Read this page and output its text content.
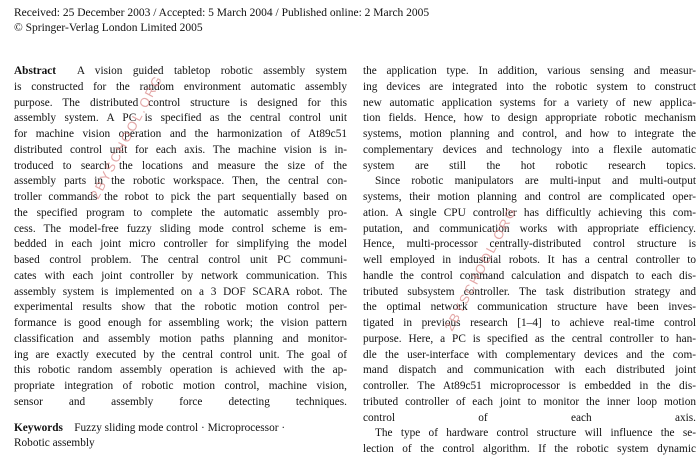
Received: 25 December 2003 / Accepted: 5 March 2004 / Published online: 2 March 2005
© Springer-Verlag London Limited 2005
Abstract A vision guided tabletop robotic assembly system
is constructed for the random environment automatic assembly
purpose. The distributed control structure is designed for this
assembly system. A PC is specified as the central control unit
for machine vision operation and the harmonization of At89c51
distributed control unit for each axis. The machine vision is in-
troduced to search the locations and measure the size of the
assembly parts in the robotic workspace. Then, the central con-
troller commands the robot to pick the part sequentially based on
the specified program to complete the automatic assembly pro-
cess. The model-free fuzzy sliding mode control scheme is em-
bedded in each joint micro controller for simplifying the model
based control problem. The central control unit PC communi-
cates with each joint controller by network communication. This
assembly system is implemented on a 3 DOF SCARA robot. The
experimental results show that the robotic motion control per-
formance is good enough for assembling work; the vision pattern
classification and assembly motion paths planning and monitor-
ing are exactly executed by the central control unit. The goal of
this robotic random assembly operation is achieved with the ap-
propriate integration of robotic motion control, machine vision,
sensor and assembly force detecting techniques.
Keywords Fuzzy sliding mode control · Microprocessor ·
Robotic assembly
the application type. In addition, various sensing and measur-
ing devices are integrated into the robotic system to construct
new automatic application systems for a variety of new applica-
tion fields. Hence, how to design appropriate robotic mechanism
systems, motion planning and control, and how to integrate the
complementary devices and technology into a flexile automatic
system are still the hot robotic research topics.
Since robotic manipulators are multi-input and multi-output
systems, their motion planning and control are complicated oper-
ation. A single CPU controller has difficultly achieving this com-
putation, and communication works with appropriate efficiency.
Hence, multi-processor centrally-distributed control structure is
well employed in industrial robots. It has a central controller to
handle the control command calculation and dispatch to each dis-
tributed subsystem controller. The task distribution strategy and
the optimal network communication structure have been inves-
tigated in previous research [1–4] to achieve real-time control
purpose. Here, a PC is specified as the central controller to han-
dle the user-interface with complementary devices and the com-
mand dispatch and communication with each distributed joint
controller. The At89c51 microprocessor is embedded in the dis-
tributed controller of each joint to monitor the inner loop motion
control of each axis.
The type of hardware control structure will influence the se-
lection of the control algorithm. If the robotic system dynamic
2BYSCHOOL.ORG
2BYSCHOOL.ORG
